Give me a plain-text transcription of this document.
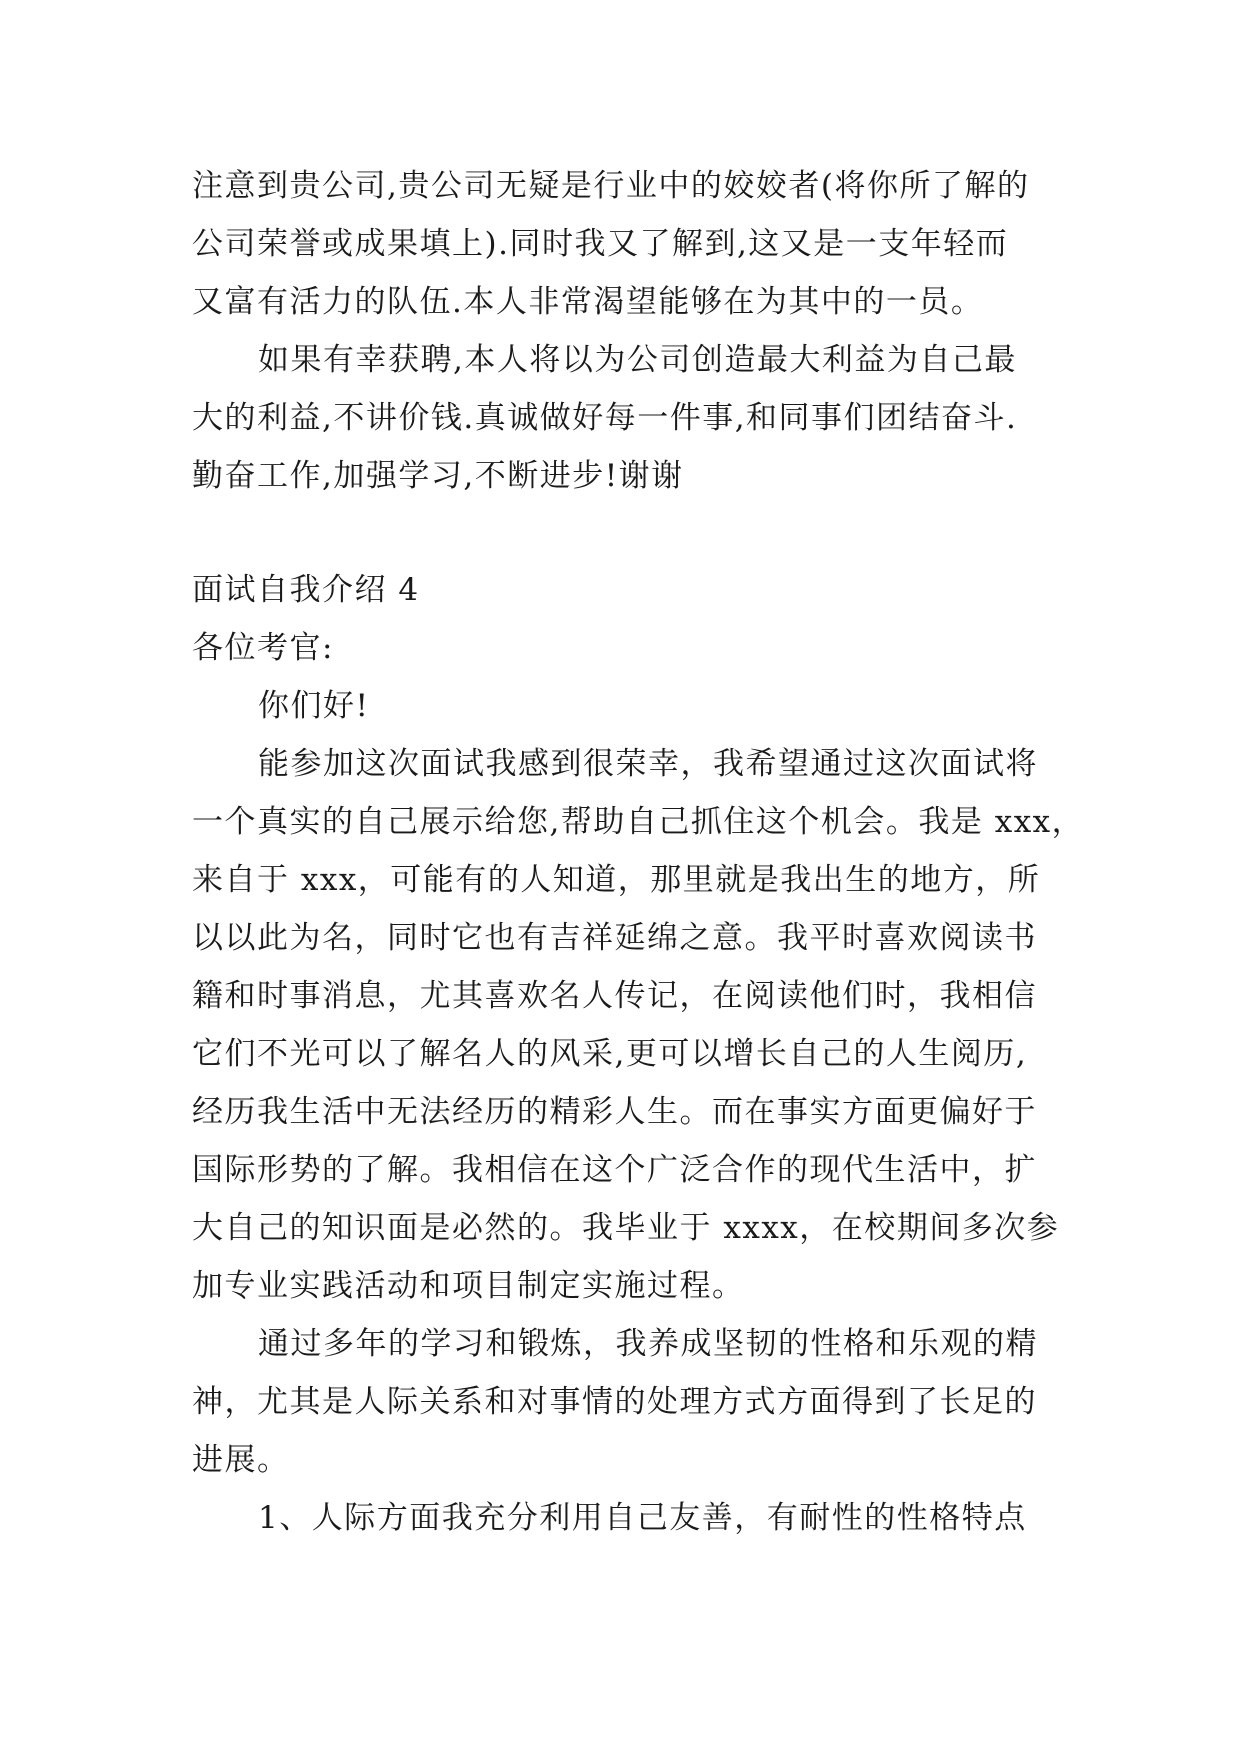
注意到贵公司,贵公司无疑是行业中的姣姣者(将你所了解的
公司荣誉或成果填上).同时我又了解到,这又是一支年轻而
又富有活力的队伍.本人非常渴望能够在为其中的一员。
如果有幸获聘,本人将以为公司创造最大利益为自己最
大的利益,不讲价钱.真诚做好每一件事,和同事们团结奋斗.
勤奋工作,加强学习,不断进步!谢谢
面试自我介绍 4
各位考官:
你们好!
能参加这次面试我感到很荣幸，我希望通过这次面试将
一个真实的自己展示给您,帮助自己抓住这个机会。我是 xxx，
来自于 xxx，可能有的人知道，那里就是我出生的地方，所
以以此为名，同时它也有吉祥延绵之意。我平时喜欢阅读书
籍和时事消息，尤其喜欢名人传记，在阅读他们时，我相信
它们不光可以了解名人的风采,更可以增长自己的人生阅历,
经历我生活中无法经历的精彩人生。而在事实方面更偏好于
国际形势的了解。我相信在这个广泛合作的现代生活中，扩
大自己的知识面是必然的。我毕业于 xxxx，在校期间多次参
加专业实践活动和项目制定实施过程。
通过多年的学习和锻炼，我养成坚韧的性格和乐观的精
神，尤其是人际关系和对事情的处理方式方面得到了长足的
进展。
1、人际方面我充分利用自己友善，有耐性的性格特点
